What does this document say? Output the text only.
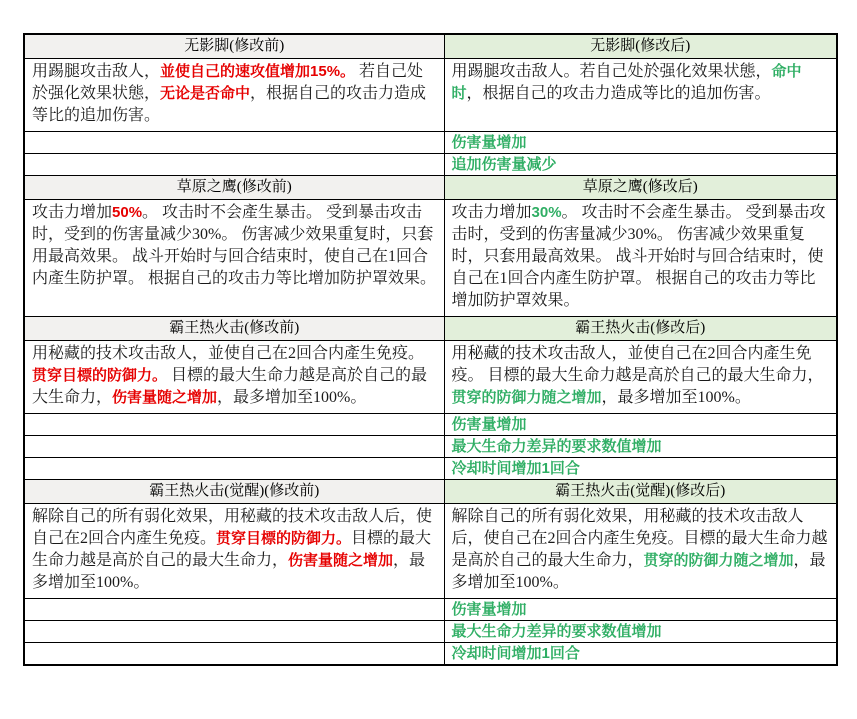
无影脚(修改前)	无影脚(修改后)
用踢腿攻击敌人，並使自己的速攻值增加15%。 若自己处於强化效果状態，无论是否命中，根据自己的攻击力造成等比的追加伤害。	用踢腿攻击敌人。若自己处於强化效果状態，命中时，根据自己的攻击力造成等比的追加伤害。
	伤害量增加
	追加伤害量减少
草原之鹰(修改前)	草原之鹰(修改后)
攻击力增加50%。 攻击时不会產生暴击。 受到暴击攻击时，受到的伤害量减少30%。 伤害减少效果重复时，只套用最高效果。 战斗开始时与回合结束时，使自己在1回合内產生防护罩。 根据自己的攻击力等比增加防护罩效果。	攻击力增加30%。 攻击时不会產生暴击。 受到暴击攻击时，受到的伤害量减少30%。 伤害减少效果重复时，只套用最高效果。 战斗开始时与回合结束时，使自己在1回合内產生防护罩。 根据自己的攻击力等比增加防护罩效果。
霸王热火击(修改前)	霸王热火击(修改后)
用秘藏的技术攻击敌人，並使自己在2回合内產生免疫。 贯穿目標的防御力。 目標的最大生命力越是高於自己的最大生命力，伤害量随之增加，最多增加至100%。	用秘藏的技术攻击敌人，並使自己在2回合内產生免疫。 目標的最大生命力越是高於自己的最大生命力，贯穿的防御力随之增加，最多增加至100%。
	伤害量增加
	最大生命力差异的要求数值增加
	冷却时间增加1回合
霸王热火击(觉醒)(修改前)	霸王热火击(觉醒)(修改后)
解除自己的所有弱化效果，用秘藏的技术攻击敌人后，使自己在2回合内產生免疫。贯穿目標的防御力。目標的最大生命力越是高於自己的最大生命力，伤害量随之增加，最多增加至100%。	解除自己的所有弱化效果，用秘藏的技术攻击敌人后，使自己在2回合内產生免疫。目標的最大生命力越是高於自己的最大生命力，贯穿的防御力随之增加，最多增加至100%。
	伤害量增加
	最大生命力差异的要求数值增加
	冷却时间增加1回合
